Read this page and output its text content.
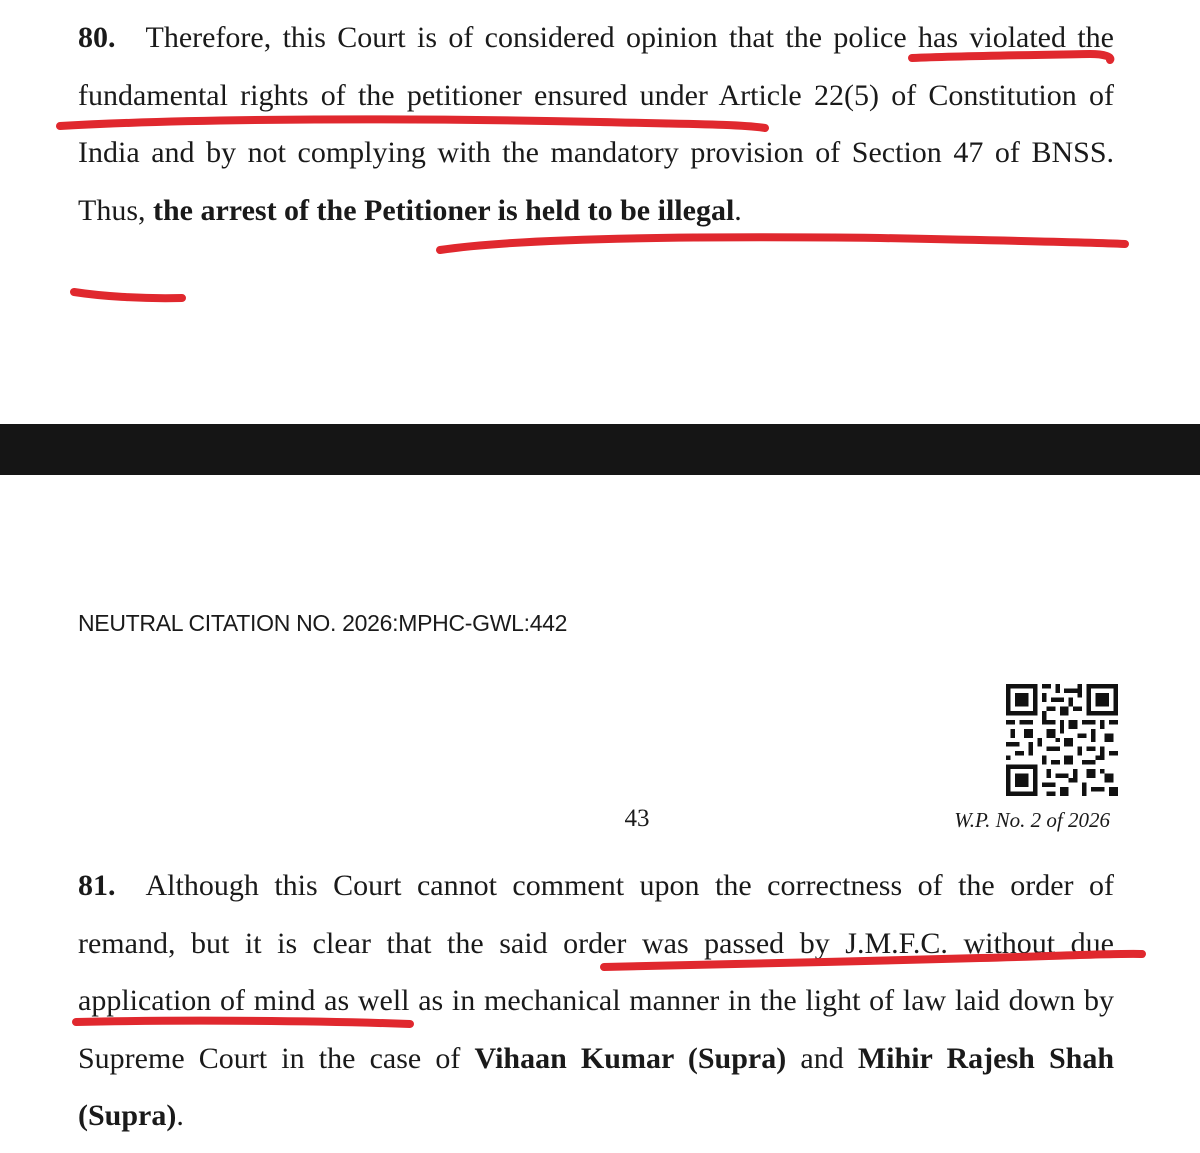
80. Therefore, this Court is of considered opinion that the police has violated the fundamental rights of the petitioner ensured under Article 22(5) of Constitution of India and by not complying with the mandatory provision of Section 47 of BNSS. Thus, the arrest of the Petitioner is held to be illegal.
NEUTRAL CITATION NO. 2026:MPHC-GWL:442
43	W.P. No. 2 of 2026
81. Although this Court cannot comment upon the correctness of the order of remand, but it is clear that the said order was passed by J.M.F.C. without due application of mind as well as in mechanical manner in the light of law laid down by Supreme Court in the case of Vihaan Kumar (Supra) and Mihir Rajesh Shah (Supra).
